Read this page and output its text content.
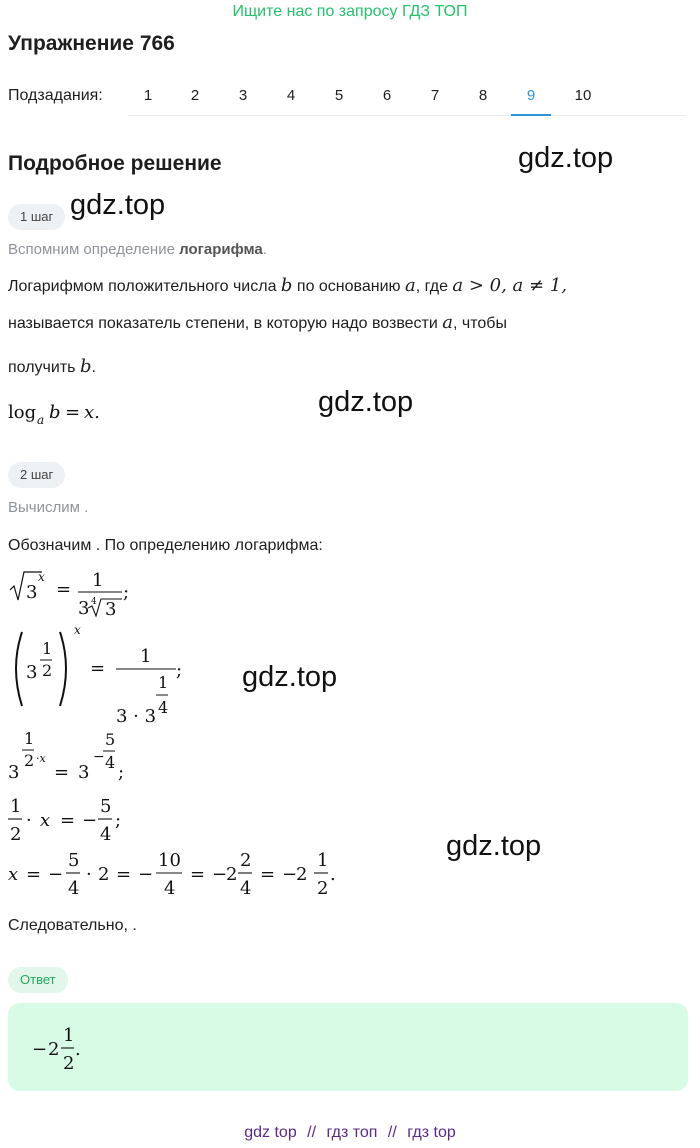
Ищите нас по запросу ГДЗ ТОП
Упражнение 766
Подзадания:	1	2	3	4	5	6	7	8	9	10
Подробное решение	gdz.top
gdz.top
gdz.top
gdz.top
gdz.top
1 шаг
Вспомним определение логарифма.
Логарифмом положительного числа b по основанию a, где a > 0, a ≠ 1,
называется показатель степени, в которую надо возвести a, чтобы
получить b.
log a b = x.
2 шаг
Вычислим .
Обозначим . По определению логарифма:
3
x
= 1
3 4 3
;
3
1
2
x
=
1
;
1
4
3 · 3
1
2 ·x
3 = 3
−
5
4 ;
1
2
· x = −
5
4
;
x = −
5
4
· 2 = −
10
4
= −
2
2
4
= −
2
1
2
.
Следовательно, .
Ответ
− 2
1
2
.
gdz top // гдз топ // гдз top
